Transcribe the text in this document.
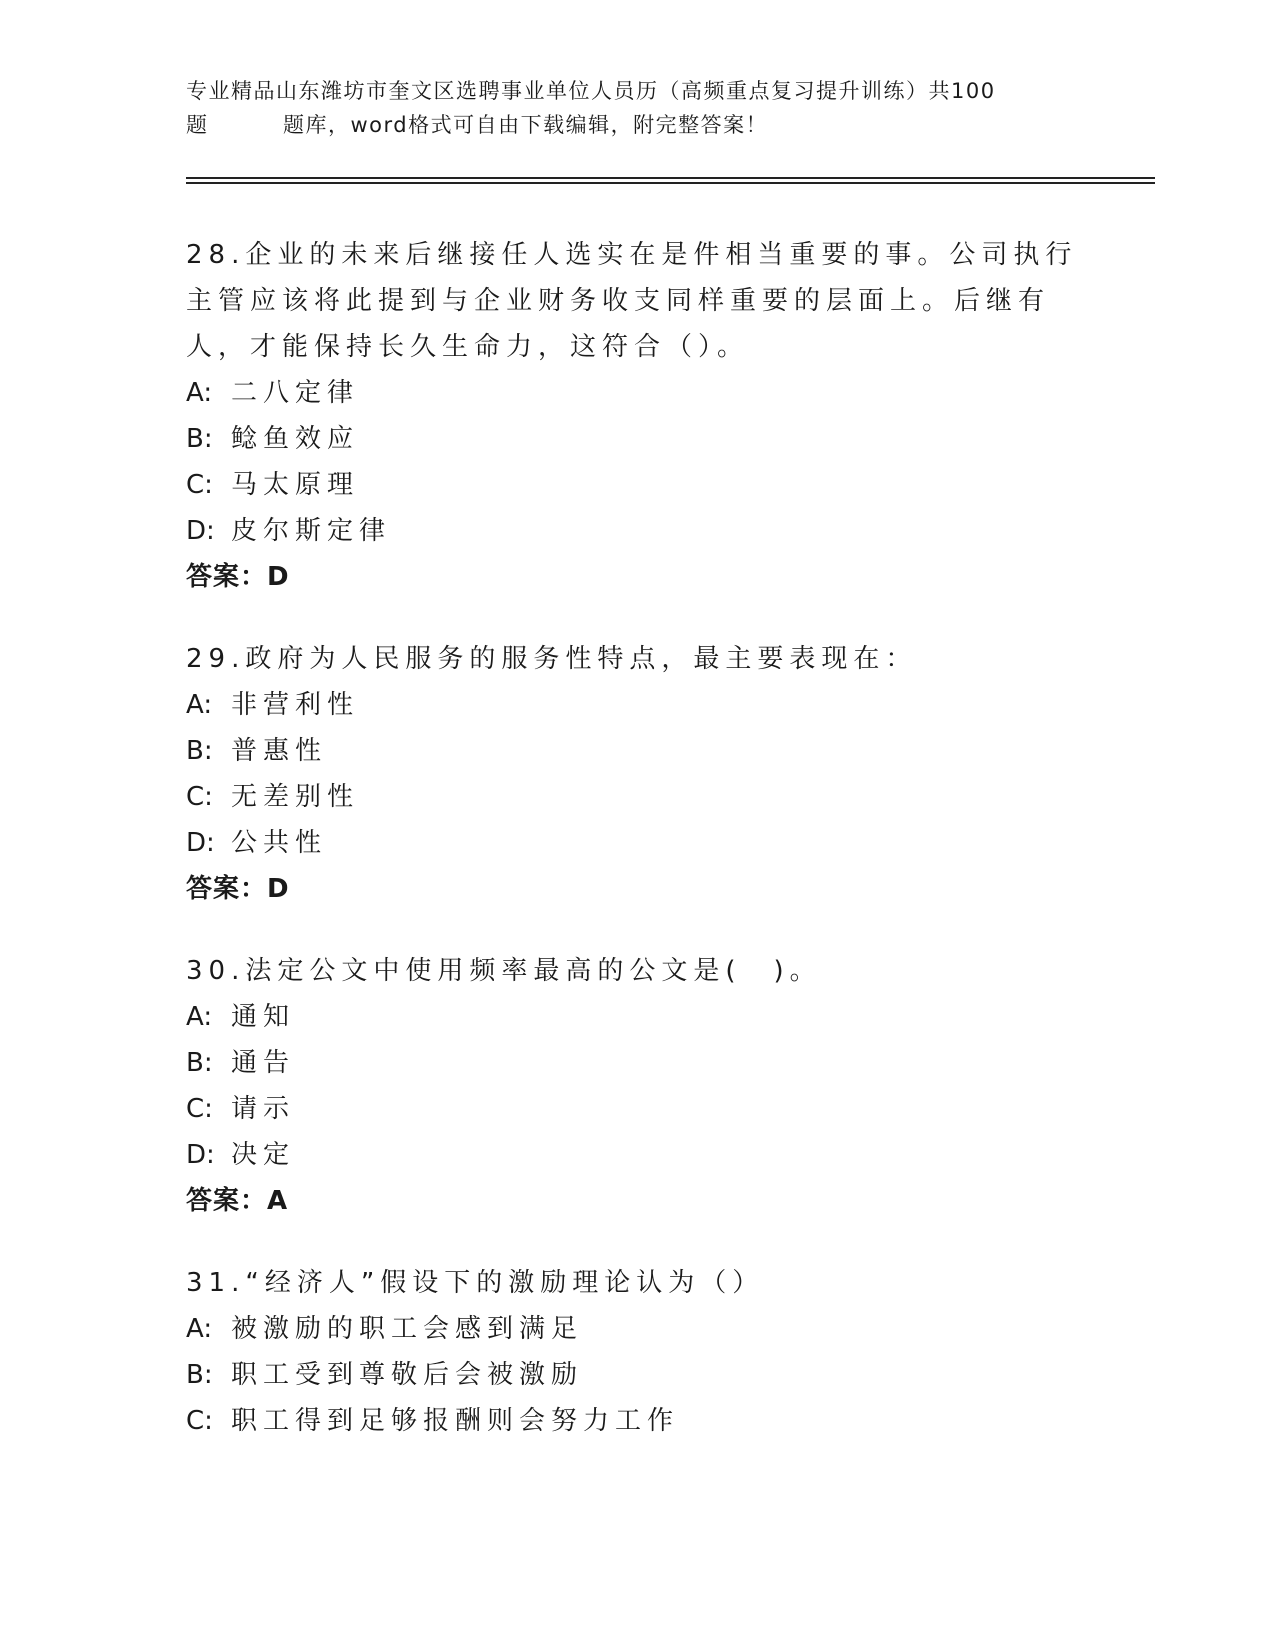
专业精品山东潍坊市奎文区选聘事业单位人员历（高频重点复习提升训练）共100
题	题库，word格式可自由下载编辑，附完整答案！
28.企业的未来后继接任人选实在是件相当重要的事。公司执行主管应该将此提到与企业财务收支同样重要的层面上。后继有人，才能保持长久生命力，这符合（）。
A: 二八定律
B: 鲶鱼效应
C: 马太原理
D: 皮尔斯定律
答案：D
29.政府为人民服务的服务性特点，最主要表现在：
A: 非营利性
B: 普惠性
C: 无差别性
D: 公共性
答案：D
30.法定公文中使用频率最高的公文是(　)。
A: 通知
B: 通告
C: 请示
D: 决定
答案：A
31.“经济人”假设下的激励理论认为（）
A: 被激励的职工会感到满足
B: 职工受到尊敬后会被激励
C: 职工得到足够报酬则会努力工作
